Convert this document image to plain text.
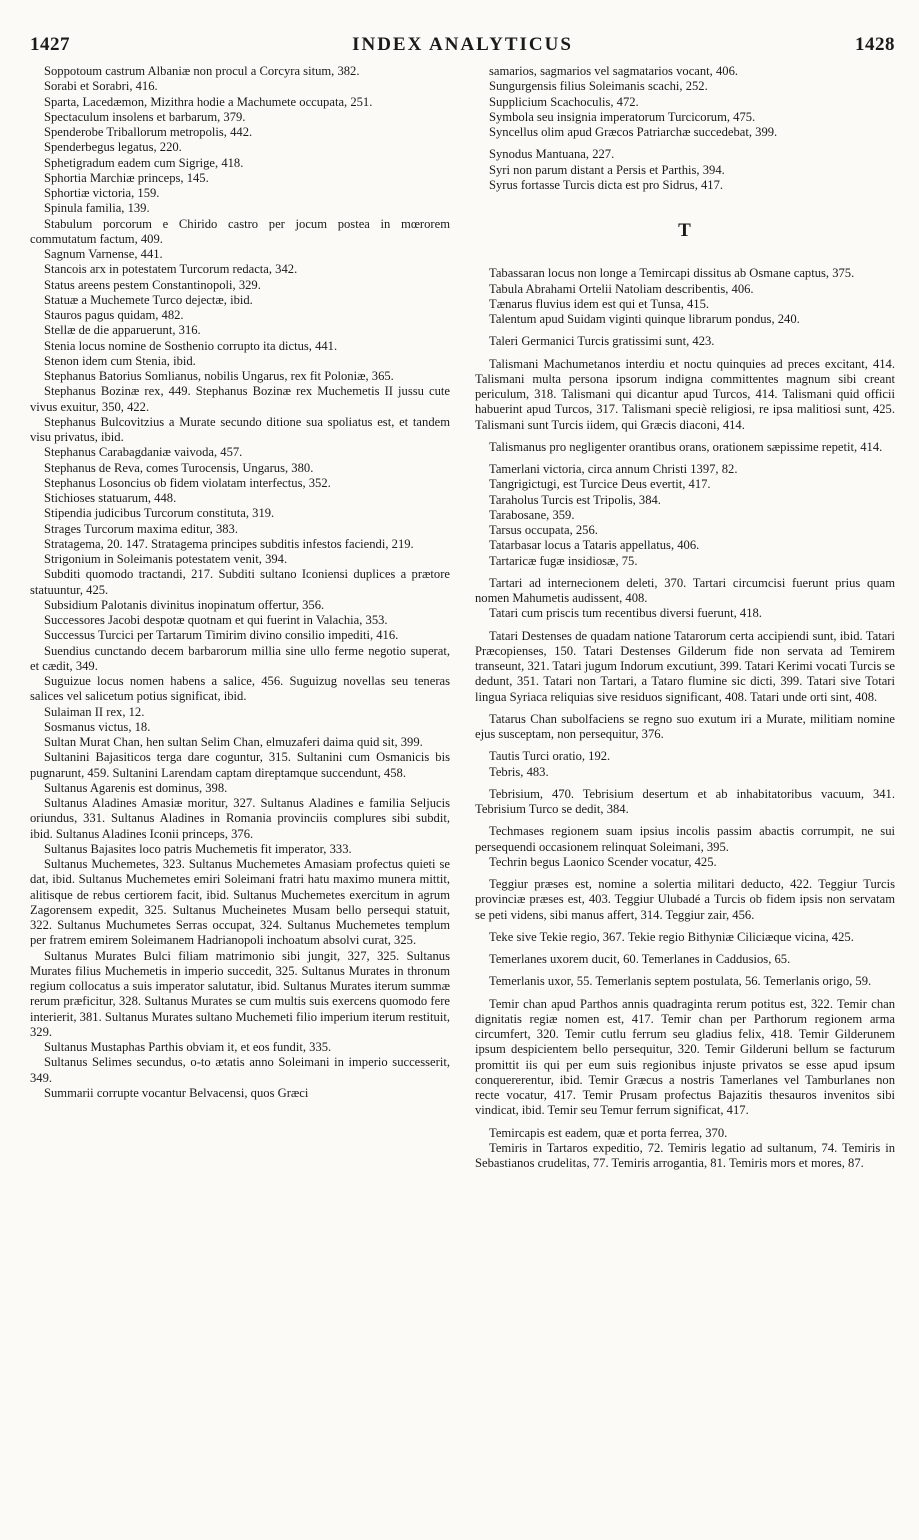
1427	INDEX ANALYTICUS	1428

Soppotoum castrum Albaniæ non procul a Corcyra situm, 382.

Sorabi et Sorabri, 416.

Sparta, Lacedæmon, Mizithra hodie a Machumete occupata, 251.

Spectaculum insolens et barbarum, 379.

Spenderobe Triballorum metropolis, 442.

Spenderbegus legatus, 220.

Sphetigradum eadem cum Sigrige, 418.

Sphortia Marchiæ princeps, 145.

Sphortiæ victoria, 159.

Spinula familia, 139.

Stabulum porcorum e Chirido castro per jocum postea in mœrorem commutatum factum, 409.

Sagnum Varnense, 441.

Stancois arx in potestatem Turcorum redacta, 342.

Status areens pestem Constantinopoli, 329.

Statuæ a Muchemete Turco dejectæ, ibid.

Stauros pagus quidam, 482.

Stellæ de die apparuerunt, 316.

Stenia locus nomine de Sosthenio corrupto ita dictus, 441.

Stenon idem cum Stenia, ibid.

Stephanus Batorius Somlianus, nobilis Ungarus, rex fit Poloniæ, 365.

Stephanus Bozinæ rex, 449. Stephanus Bozinæ rex Muchemetis II jussu cute vivus exuitur, 350, 422.

Stephanus Bulcovitzius a Murate secundo ditione sua spoliatus est, et tandem visu privatus, ibid.

Stephanus Carabagdaniæ vaivoda, 457.

Stephanus de Reva, comes Turocensis, Ungarus, 380.

Stephanus Losoncius ob fidem violatam interfectus, 352.

Stichioses statuarum, 448.

Stipendia judicibus Turcorum constituta, 319.

Strages Turcorum maxima editur, 383.

Stratagema, 20. 147. Stratagema principes subditis infestos faciendi, 219.

Strigonium in Soleimanis potestatem venit, 394.

Subditi quomodo tractandi, 217. Subditi sultano Iconiensi duplices a prætore statuuntur, 425.

Subsidium Palotanis divinitus inopinatum offertur, 356.

Successores Jacobi despotæ quotnam et qui fuerint in Valachia, 353.

Successus Turcici per Tartarum Timirim divino consilio impediti, 416.

Suendius cunctando decem barbarorum millia sine ullo ferme negotio superat, et cædit, 349.

Suguizue locus nomen habens a salice, 456. Suguizug novellas seu teneras salices vel salicetum potius significat, ibid.

Sulaiman II rex, 12.

Sosmanus victus, 18.

Sultan Murat Chan, hen sultan Selim Chan, elmuzaferi daima quid sit, 399.

Sultanini Bajasiticos terga dare coguntur, 315. Sultanini cum Osmanicis bis pugnarunt, 459. Sultanini Larendam captam direptamque succendunt, 458.

Sultanus Agarenis est dominus, 398.

Sultanus Aladines Amasiæ moritur, 327. Sultanus Aladines e familia Seljucis oriundus, 331. Sultanus Aladines in Romania provinciis complures sibi subdit, ibid. Sultanus Aladines Iconii princeps, 376.

Sultanus Bajasites loco patris Muchemetis fit imperator, 333.

Sultanus Muchemetes, 323. Sultanus Muchemetes Amasiam profectus quieti se dat, ibid. Sultanus Muchemetes emiri Soleimani fratri hatu maximo munera mittit, alitisque de rebus certiorem facit, ibid. Sultanus Muchemetes exercitum in agrum Zagorensem expedit, 325. Sultanus Mucheinetes Musam bello persequi statuit, 322. Sultanus Muchumetes Serras occupat, 324. Sultanus Muchemetes templum per fratrem emirem Soleimanem Hadrianopoli inchoatum absolvi curat, 325.

Sultanus Murates Bulci filiam matrimonio sibi jungit, 327, 325. Sultanus Murates filius Muchemetis in imperio succedit, 325. Sultanus Murates in thronum regium collocatus a suis imperator salutatur, ibid. Sultanus Murates iterum summæ rerum præficitur, 328. Sultanus Murates se cum multis suis exercens quomodo fere interierit, 381. Sultanus Murates sultano Muchemeti filio imperium iterum restituit, 329.

Sultanus Mustaphas Parthis obviam it, et eos fundit, 335.

Sultanus Selimes secundus, o-to ætatis anno Soleimani in imperio successerit, 349.

Summarii corrupte vocantur Belvacensi, quos Græci

samarios, sagmarios vel sagmatarios vocant, 406.

Sungurgensis filius Soleimanis scachi, 252.

Supplicium Scachoculis, 472.

Symbola seu insignia imperatorum Turcicorum, 475.

Syncellus olim apud Græcos Patriarchæ succedebat, 399.

Synodus Mantuana, 227.

Syri non parum distant a Persis et Parthis, 394.

Syrus fortasse Turcis dicta est pro Sidrus, 417.

T

Tabassaran locus non longe a Temircapi dissitus ab Osmane captus, 375.

Tabula Abrahami Ortelii Natoliam describentis, 406.

Tænarus fluvius idem est qui et Tunsa, 415.

Talentum apud Suidam viginti quinque librarum pondus, 240.

Taleri Germanici Turcis gratissimi sunt, 423.

Talismani Machumetanos interdiu et noctu quinquies ad preces excitant, 414. Talismani multa persona ipsorum indigna committentes magnum sibi creant periculum, 318. Talismani qui dicantur apud Turcos, 414. Talismani quid officii habuerint apud Turcos, 317. Talismani speciè religiosi, re ipsa malitiosi sunt, 425. Talismani sunt Turcis iidem, qui Græcis diaconi, 414.

Talismanus pro negligenter orantibus orans, orationem sæpissime repetit, 414.

Tamerlani victoria, circa annum Christi 1397, 82.

Tangrigictugi, est Turcice Deus evertit, 417.

Taraholus Turcis est Tripolis, 384.

Tarabosane, 359.

Tarsus occupata, 256.

Tatarbasar locus a Tataris appellatus, 406.

Tartaricæ fugæ insidiosæ, 75.

Tartari ad internecionem deleti, 370. Tartari circumcisi fuerunt prius quam nomen Mahumetis audissent, 408.

Tatari cum priscis tum recentibus diversi fuerunt, 418.

Tatari Destenses de quadam natione Tatarorum certa accipiendi sunt, ibid. Tatari Præcopienses, 150. Tatari Destenses Gilderum fide non servata ad Temirem transeunt, 321. Tatari jugum Indorum excutiunt, 399. Tatari Kerimi vocati Turcis se dedunt, 351. Tatari non Tartari, a Tataro flumine sic dicti, 399. Tatari sive Totari lingua Syriaca reliquias sive residuos significant, 408. Tatari unde orti sint, 408.

Tatarus Chan subolfaciens se regno suo exutum iri a Murate, militiam nomine ejus susceptam, non persequitur, 376.

Tautis Turci oratio, 192.

Tebris, 483.

Tebrisium, 470. Tebrisium desertum et ab inhabitatoribus vacuum, 341. Tebrisium Turco se dedit, 384.

Techmases regionem suam ipsius incolis passim abactis corrumpit, ne sui persequendi occasionem relinquat Soleimani, 395.

Techrin begus Laonico Scender vocatur, 425.

Teggiur præses est, nomine a solertia militari deducto, 422. Teggiur Turcis provinciæ præses est, 403. Teggiur Ulubadé a Turcis ob fidem ipsis non servatam se peti videns, sibi manus affert, 314. Teggiur zair, 456.

Teke sive Tekie regio, 367. Tekie regio Bithyniæ Ciliciæque vicina, 425.

Temerlanes uxorem ducit, 60. Temerlanes in Caddusios, 65.

Temerlanis uxor, 55. Temerlanis septem postulata, 56. Temerlanis origo, 59.

Temir chan apud Parthos annis quadraginta rerum potitus est, 322. Temir chan dignitatis regiæ nomen est, 417. Temir chan per Parthorum regionem arma circumfert, 320. Temir cutlu ferrum seu gladius felix, 418. Temir Gilderunem ipsum despicientem bello persequitur, 320. Temir Gilderuni bellum se facturum promittit iis qui per eum suis regionibus injuste privatos se esse apud ipsum conquererentur, ibid. Temir Græcus a nostris Tamerlanes vel Tamburlanes non recte vocatur, 417. Temir Prusam profectus Bajazitis thesauros invenitos sibi vindicat, ibid. Temir seu Temur ferrum significat, 417.

Temircapis est eadem, quæ et porta ferrea, 370.

Temiris in Tartaros expeditio, 72. Temiris legatio ad sultanum, 74. Temiris in Sebastianos crudelitas, 77. Temiris arrogantia, 81. Temiris mors et mores, 87.
